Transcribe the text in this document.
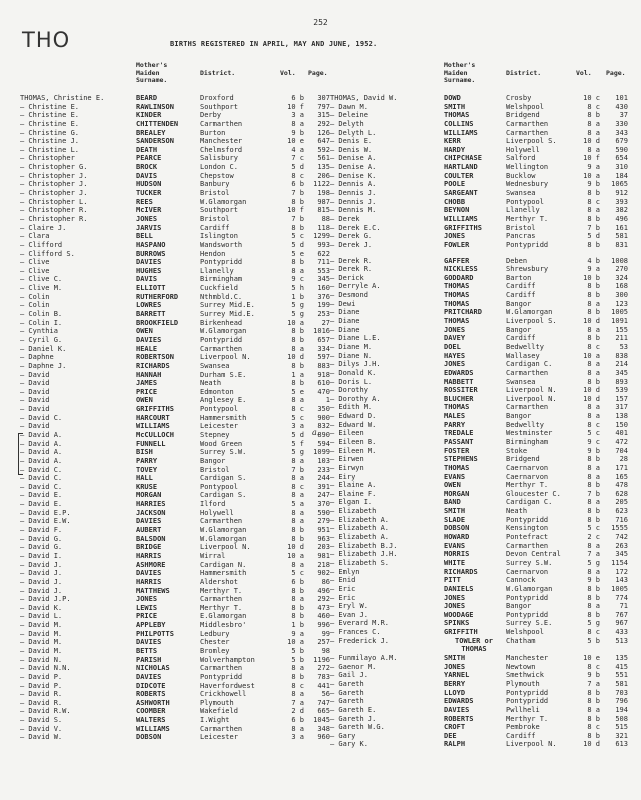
252
THO	BIRTHS REGISTERED IN APRIL, MAY AND JUNE, 1952.
Mother's Maiden Surname.
District.	Vol. Page.
THOMAS, Christine E.	BEARD	Droxford	6 b	307
— Christine E.	RAWLINSON	Southport	10 f	797
— Christine E.	KINDER	Derby	3 a	315
— Christine E.	CHITTENDEN	Carmarthen	8 a	292
— Christine G.	BREALEY	Burton	9 b	126
— Christine J.	SANDERSON	Manchester	10 e	647
— Christine L.	DEATH	Chelmsford	4 a	592
— Christopher	PEARCE	Salisbury	7 c	561
— Christopher G.	BROCK	London C.	5 d	135
— Christopher J.	DAVIS	Chepstow	8 c	206
— Christopher J.	HUDSON	Banbury	6 b	1122
— Christopher J.	TUCKER	Bristol	7 b	198
— Christopher L.	REES	W.Glamorgan	8 b	987
— Christopher R.	McIVER	Southport	10 f	815
— Christopher R.	JONES	Bristol	7 b	88
— Claire J.	JARVIS	Cardiff	8 b	118
— Clara	BELL	Islington	5 c	1299
— Clifford	HASPANO	Wandsworth	5 d	993
— Clifford S.	BURROWS	Hendon	5 e	622
— Clive	DAVIES	Pontypridd	8 b	711
— Clive	HUGHES	Llanelly	8 a	553
— Clive C.	DAVIS	Birmingham	9 c	345
— Clive M.	ELLIOTT	Cuckfield	5 h	160
— Colin	RUTHERFORD	Nthmbld.C.	1 b	376
— Colin	LOWRES	Surrey Mid.E.	5 g	199
— Colin B.	BARRETT	Surrey Mid.E.	5 g	253
— Colin I.	BROOKFIELD	Birkenhead	10 a	27
— Cynthia	OWEN	W.Glamorgan	8 b	1016
— Cyril G.	DAVIES	Pontypridd	8 b	657
— Daniel K.	HEALE	Carmarthen	8 a	334
— Daphne	ROBERTSON	Liverpool N.	10 d	597
— Daphne J.	RICHARDS	Swansea	8 b	883
— David	HANNAH	Durham S.E.	1 a	918
— David	JAMES	Neath	8 b	610
— David	PRICE	Edmonton	5 e	470
— David	OWEN	Anglesey E.	8 a	1
— David	GRIFFITHS	Pontypool	8 c	350
— David C.	HARCOURT	Hammersmith	5 c	900
— David	WILLIAMS	Leicester	3 a	832
— David A.	McCULLOCH	Stepney	5 d	890
— David A.	FUNNELL	Wood Green	5 f	594
— David A.	BISH	Surrey S.W.	5 g	1099
— David A.	PARRY	Bangor	8 a	103
— David C.	TOVEY	Bristol	7 b	233
— David C.	HALL	Cardigan S.	8 a	244
— David C.	KRUSE	Pontypool	8 c	391
— David E.	MORGAN	Cardigan S.	8 a	247
— David E.	HARRIES	Ilford	5 a	370
— David E.P.	JACKSON	Holywell	8 a	590
— David E.W.	DAVIES	Carmarthen	8 a	279
— David F.	AUBERT	W.Glamorgan	8 b	951
— David G.	BALSDON	W.Glamorgan	8 b	963
— David G.	BRIDGE	Liverpool N.	10 d	203
— David I.	HARRIS	Wirral	10 a	981
— David J.	ASHMORE	Cardigan N.	8 a	218
— David J.	DAVIES	Hammersmith	5 c	902
— David J.	HARRIS	Aldershot	6 b	86
— David J.	MATTHEWS	Merthyr T.	8 b	496
— David J.P.	JONES	Carmarthen	8 a	292
— David K.	LEWIS	Merthyr T.	8 b	473
— David L.	PRICE	E.Glamorgan	8 b	460
— David M.	APPLEBY	Middlesbro'	1 b	996
— David M.	PHILPOTTS	Ledbury	9 a	99
— David M.	DAVIES	Chester	10 a	257
— David M.	BETTS	Bromley	5 b	98
— David N.	PARISH	Wolverhampton	5 b	1196
— David N.N.	NICHOLAS	Carmarthen	8 a	272
— David P.	DAVIES	Pontypridd	8 b	783
— David P.	DIDCOTE	Haverfordwest	8 c	441
— David R.	ROBERTS	Crickhowell	8 a	56
— David R.	ASHWORTH	Plymouth	7 a	747
— David R.W.	COOMBER	Wakefield	2 d	665
— David S.	WALTERS	I.Wight	6 b	1045
— David V.	WILLIAMS	Carmarthen	8 a	348
— David W.	DOBSON	Leicester	3 a	960
Mother's Maiden Surname.
District.	Vol. Page.
THOMAS, David W.	DOWD	Crosby	10 c	101
— Dawn M.	SMITH	Welshpool	8 c	430
— Deleine	THOMAS	Bridgend	8 b	37
— Delyth	COLLINS	Carmarthen	8 a	330
— Delyth L.	WILLIAMS	Carmarthen	8 a	343
— Denis E.	KERR	Liverpool S.	10 d	679
— Denis W.	HARDY	Holywell	8 a	590
— Denise A.	CHIPCHASE	Salford	10 f	654
— Denise A.	HARTLAND	Wellington	9 a	310
— Denise K.	COULTER	Bucklow	10 a	184
— Dennis A.	POOLE	Wednesbury	9 b	1065
— Dennis J.	SARGEANT	Swansea	8 b	912
— Dennis J.	CHOBB	Pontypool	8 c	393
— Dennis M.	BEYNON	Llanelly	8 a	382
— Derek	WILLIAMS	Merthyr T.	8 b	496
— Derek E.C.	GRIFFITHS	Bristol	7 b	161
— Derek G.	JONES	Pancras	5 d	581
— Derek J.	FOWLER	Pontypridd	8 b	831
— Derek R.	GAFFER	Deben	4 b	1008
— Derek R.	NICKLESS	Shrewsbury	9 a	270
— Derick	GODDARD	Barton	10 b	324
— Derryle A.	THOMAS	Cardiff	8 b	168
— Desmond	THOMAS	Cardiff	8 b	300
— Dewi	THOMAS	Bangor	8 a	123
— Diane	PRITCHARD	W.Glamorgan	8 b	1005
— Diane	THOMAS	Liverpool S.	10 d	1091
— Diane	JONES	Bangor	8 a	155
— Diane L.E.	DAVEY	Cardiff	8 b	211
— Diane M.	DOEL	Bedwellty	8 c	53
— Diane N.	HAYES	Wallasey	10 a	838
— Dilys J.H.	JONES	Cardigan C.	8 a	214
— Donald K.	EDWARDS	Carmarthen	8 a	345
— Doris L.	MABBETT	Swansea	8 b	893
— Dorothy	ROSSITER	Liverpool N.	10 d	539
— Dorothy A.	BLUCHER	Liverpool N.	10 d	157
— Edith M.	THOMAS	Carmarthen	8 a	317
— Edward D.	MALES	Bangor	8 a	138
— Edward W.	PARRY	Bedwellty	8 c	150
— Eileen	TREDALE	Westminster	5 c	401
— Eileen B.	PASSANT	Birmingham	9 c	472
— Eileen M.	FOSTER	Stoke	9 b	704
— Eirwen	STEPHENS	Bridgend	8 b	28
— Eirwyn	THOMAS	Caernarvon	8 a	171
— Eiry	EVANS	Caernarvon	8 a	165
— Elaine A.	OWEN	Merthyr T.	8 b	478
— Elaine F.	MORGAN	Gloucester C.	7 b	628
— Elgan I.	BAND	Cardigan C.	8 a	205
— Elizabeth	SMITH	Neath	8 b	623
— Elizabeth A.	SLADE	Pontypridd	8 b	716
— Elizabeth A.	DOBSON	Kensington	5 c	1555
— Elizabeth A.	HOWARD	Pontefract	2 c	742
— Elizabeth B.J.	EVANS	Carmarthen	8 a	263
— Elizabeth J.H.	MORRIS	Devon Central	7 a	345
— Elizabeth S.	WHITE	Surrey S.W.	5 g	1154
— Emlyn	RICHARDS	Caernarvon	8 a	172
— Enid	PITT	Cannock	9 b	143
— Eric	DANIELS	W.Glamorgan	8 b	1005
— Eric	JONES	Pontypridd	8 b	774
— Eryl W.	JONES	Bangor	8 a	71
— Evan J.	WOODAGE	Pontypridd	8 b	767
— Everard M.R.	SPINKS	Surrey S.E.	5 g	967
— Frances C.	GRIFFITH	Welshpool	8 c	433
— Frederick J.	TOWLER or THOMAS
Chatham	5 b	513
— Funmilayo A.M.	SMITH	Manchester	10 e	135
— Gaenor M.	JONES	Newtown	8 c	415
— Gail J.	YARNEL	Smethwick	9 b	551
— Gareth	BERRY	Plymouth	7 a	581
— Gareth	LLOYD	Pontypridd	8 b	703
— Gareth	EDWARDS	Pontypridd	8 b	796
— Gareth E.	DAVIES	Pwllheli	8 a	194
— Gareth J.	ROBERTS	Merthyr T.	8 b	508
— Gareth W.G.	CROFT	Pembroke	8 c	515
— Gary	DEE	Cardiff	8 b	321
— Gary K.	RALPH	Liverpool N.	10 d	613
a.
